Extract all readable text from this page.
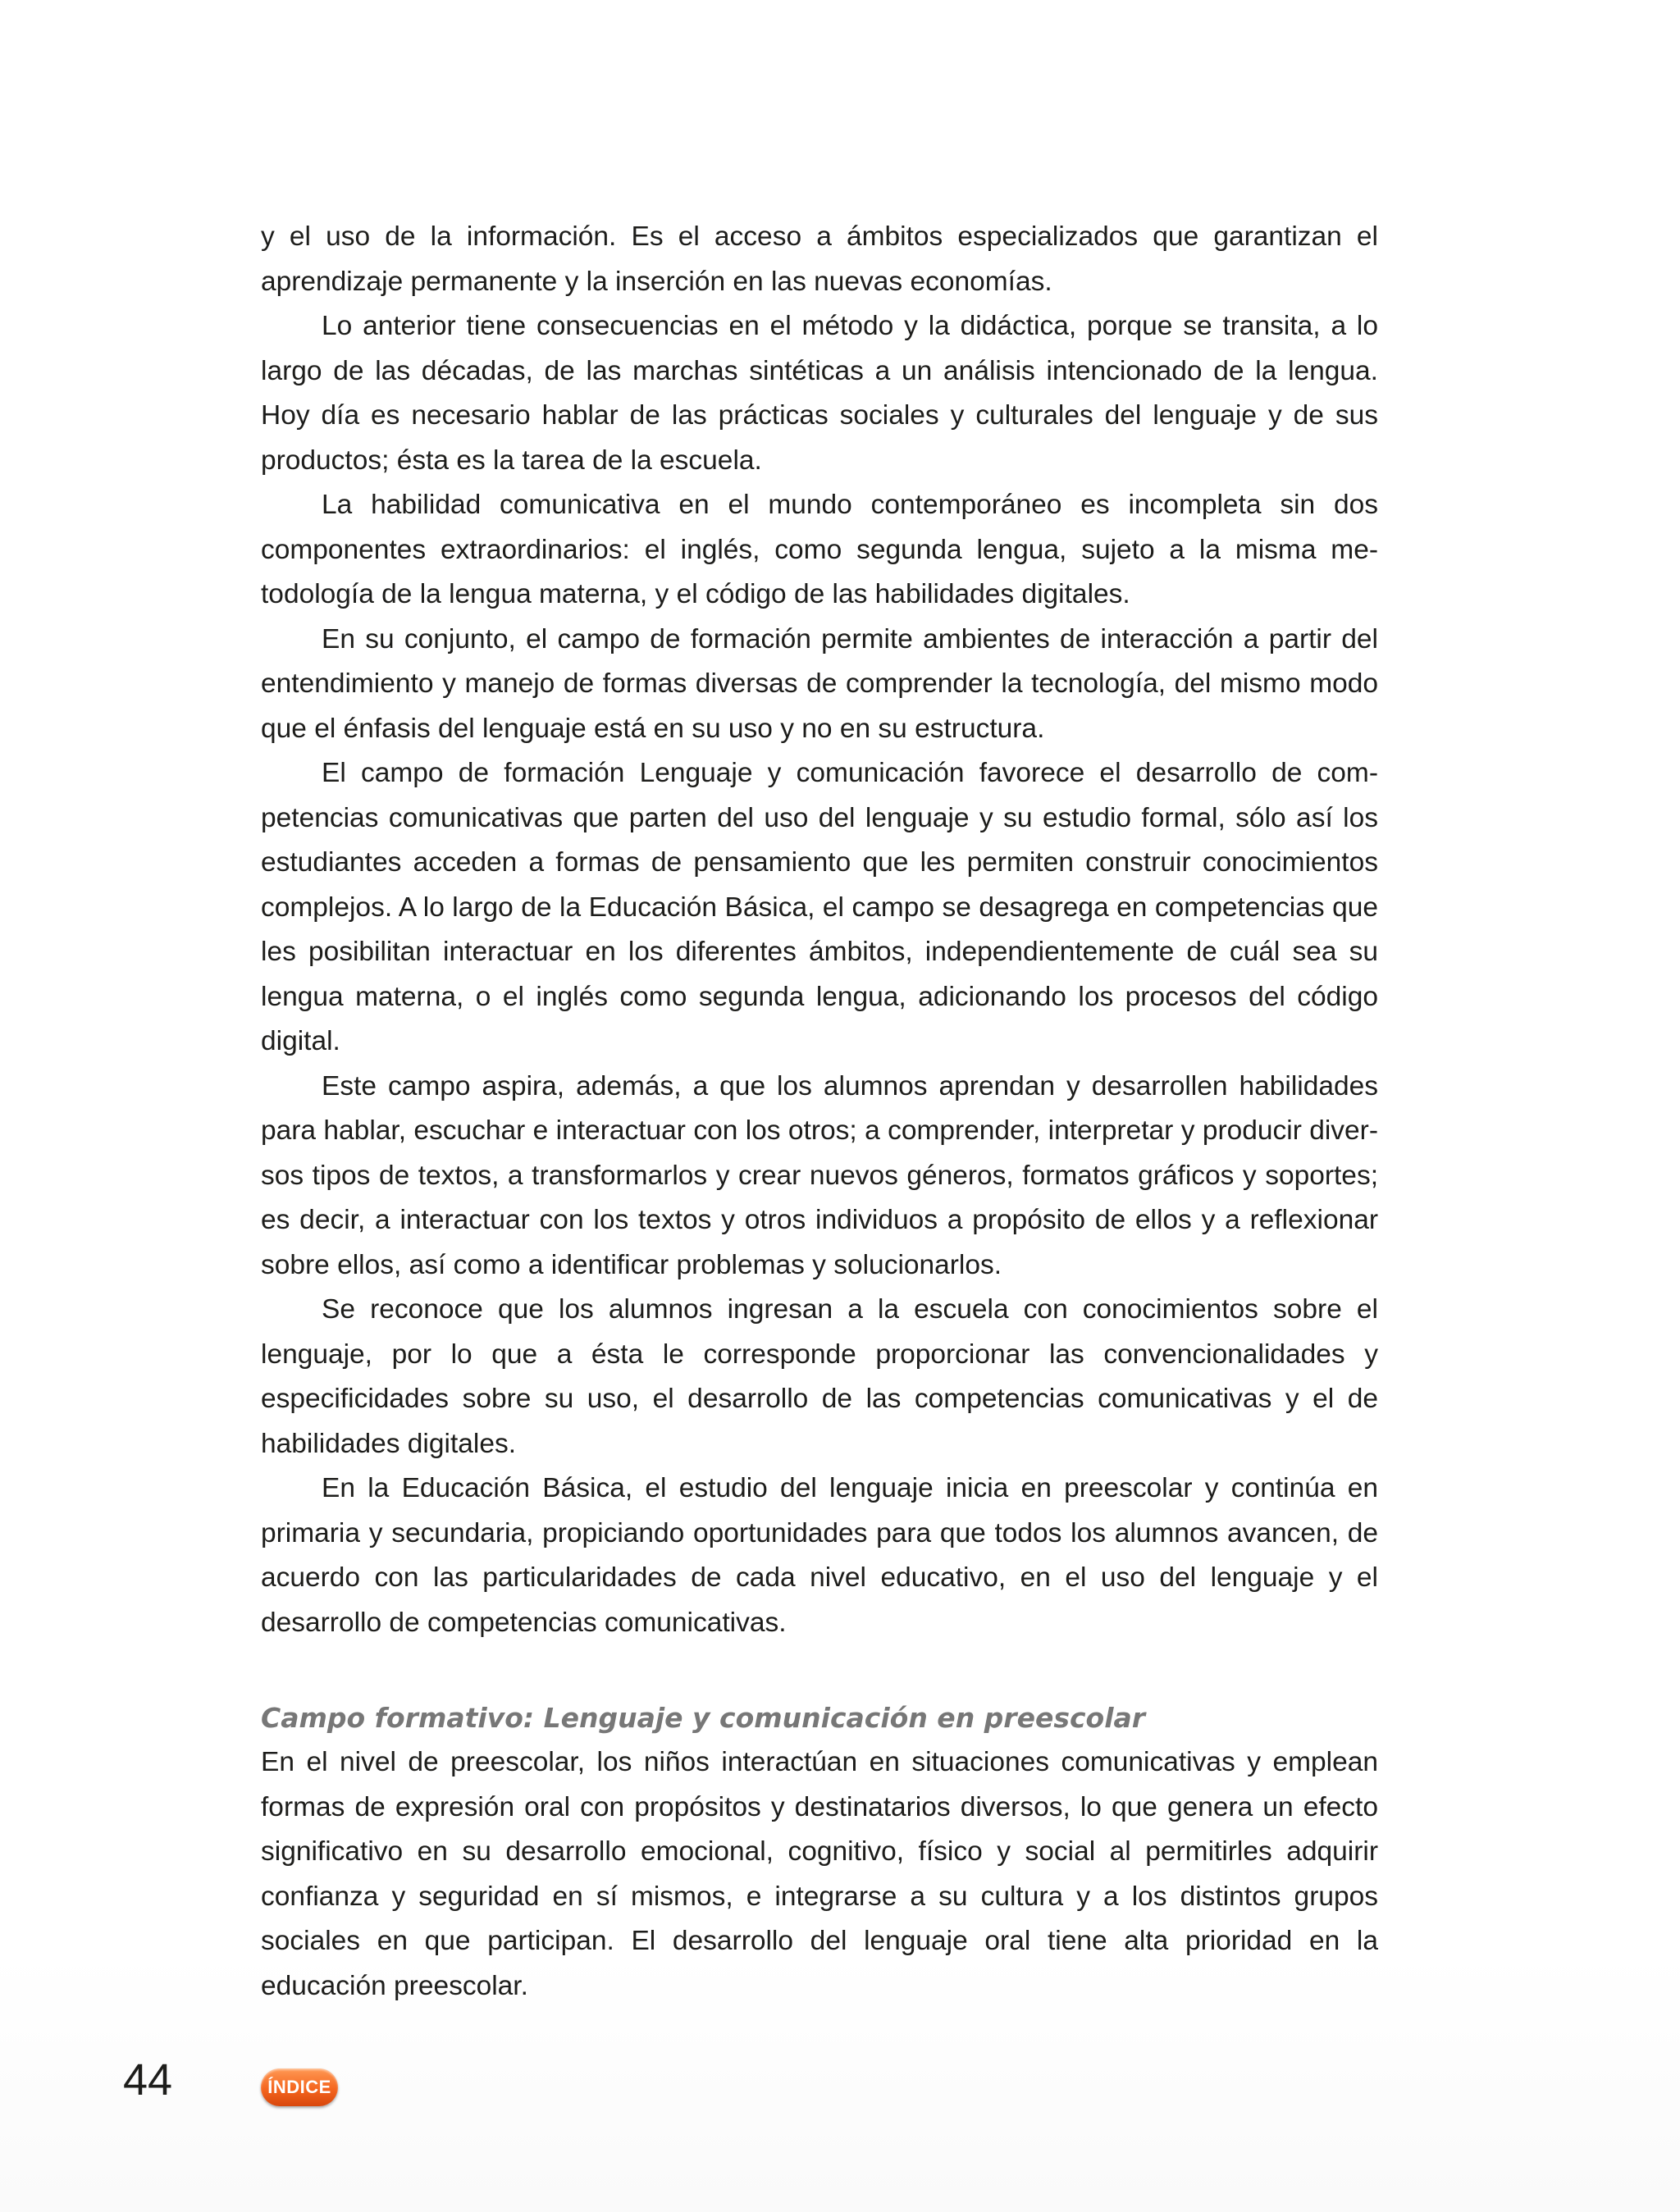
y el uso de la información. Es el acceso a ámbitos especializados que garantizan el aprendizaje permanente y la inserción en las nuevas economías.

Lo anterior tiene consecuencias en el método y la didáctica, porque se transita, a lo largo de las décadas, de las marchas sintéticas a un análisis intencionado de la lengua. Hoy día es necesario hablar de las prácticas sociales y culturales del lenguaje y de sus productos; ésta es la tarea de la escuela.

La habilidad comunicativa en el mundo contemporáneo es incompleta sin dos componentes extraordinarios: el inglés, como segunda lengua, sujeto a la misma metodología de la lengua materna, y el código de las habilidades digitales.

En su conjunto, el campo de formación permite ambientes de interacción a partir del entendimiento y manejo de formas diversas de comprender la tecnología, del mismo modo que el énfasis del lenguaje está en su uso y no en su estructura.

El campo de formación Lenguaje y comunicación favorece el desarrollo de competencias comunicativas que parten del uso del lenguaje y su estudio formal, sólo así los estudiantes acceden a formas de pensamiento que les permiten construir conocimientos complejos. A lo largo de la Educación Básica, el campo se desagrega en competencias que les posibilitan interactuar en los diferentes ámbitos, independientemente de cuál sea su lengua materna, o el inglés como segunda lengua, adicionando los procesos del código digital.

Este campo aspira, además, a que los alumnos aprendan y desarrollen habilidades para hablar, escuchar e interactuar con los otros; a comprender, interpretar y producir diversos tipos de textos, a transformarlos y crear nuevos géneros, formatos gráficos y soportes; es decir, a interactuar con los textos y otros individuos a propósito de ellos y a reflexionar sobre ellos, así como a identificar problemas y solucionarlos.

Se reconoce que los alumnos ingresan a la escuela con conocimientos sobre el lenguaje, por lo que a ésta le corresponde proporcionar las convencionalidades y especificidades sobre su uso, el desarrollo de las competencias comunicativas y el de habilidades digitales.

En la Educación Básica, el estudio del lenguaje inicia en preescolar y continúa en primaria y secundaria, propiciando oportunidades para que todos los alumnos avancen, de acuerdo con las particularidades de cada nivel educativo, en el uso del lenguaje y el desarrollo de competencias comunicativas.

Campo formativo: Lenguaje y comunicación en preescolar

En el nivel de preescolar, los niños interactúan en situaciones comunicativas y emplean formas de expresión oral con propósitos y destinatarios diversos, lo que genera un efecto significativo en su desarrollo emocional, cognitivo, físico y social al permitirles adquirir confianza y seguridad en sí mismos, e integrarse a su cultura y a los distintos grupos sociales en que participan. El desarrollo del lenguaje oral tiene alta prioridad en la educación preescolar.

44	ÍNDICE
